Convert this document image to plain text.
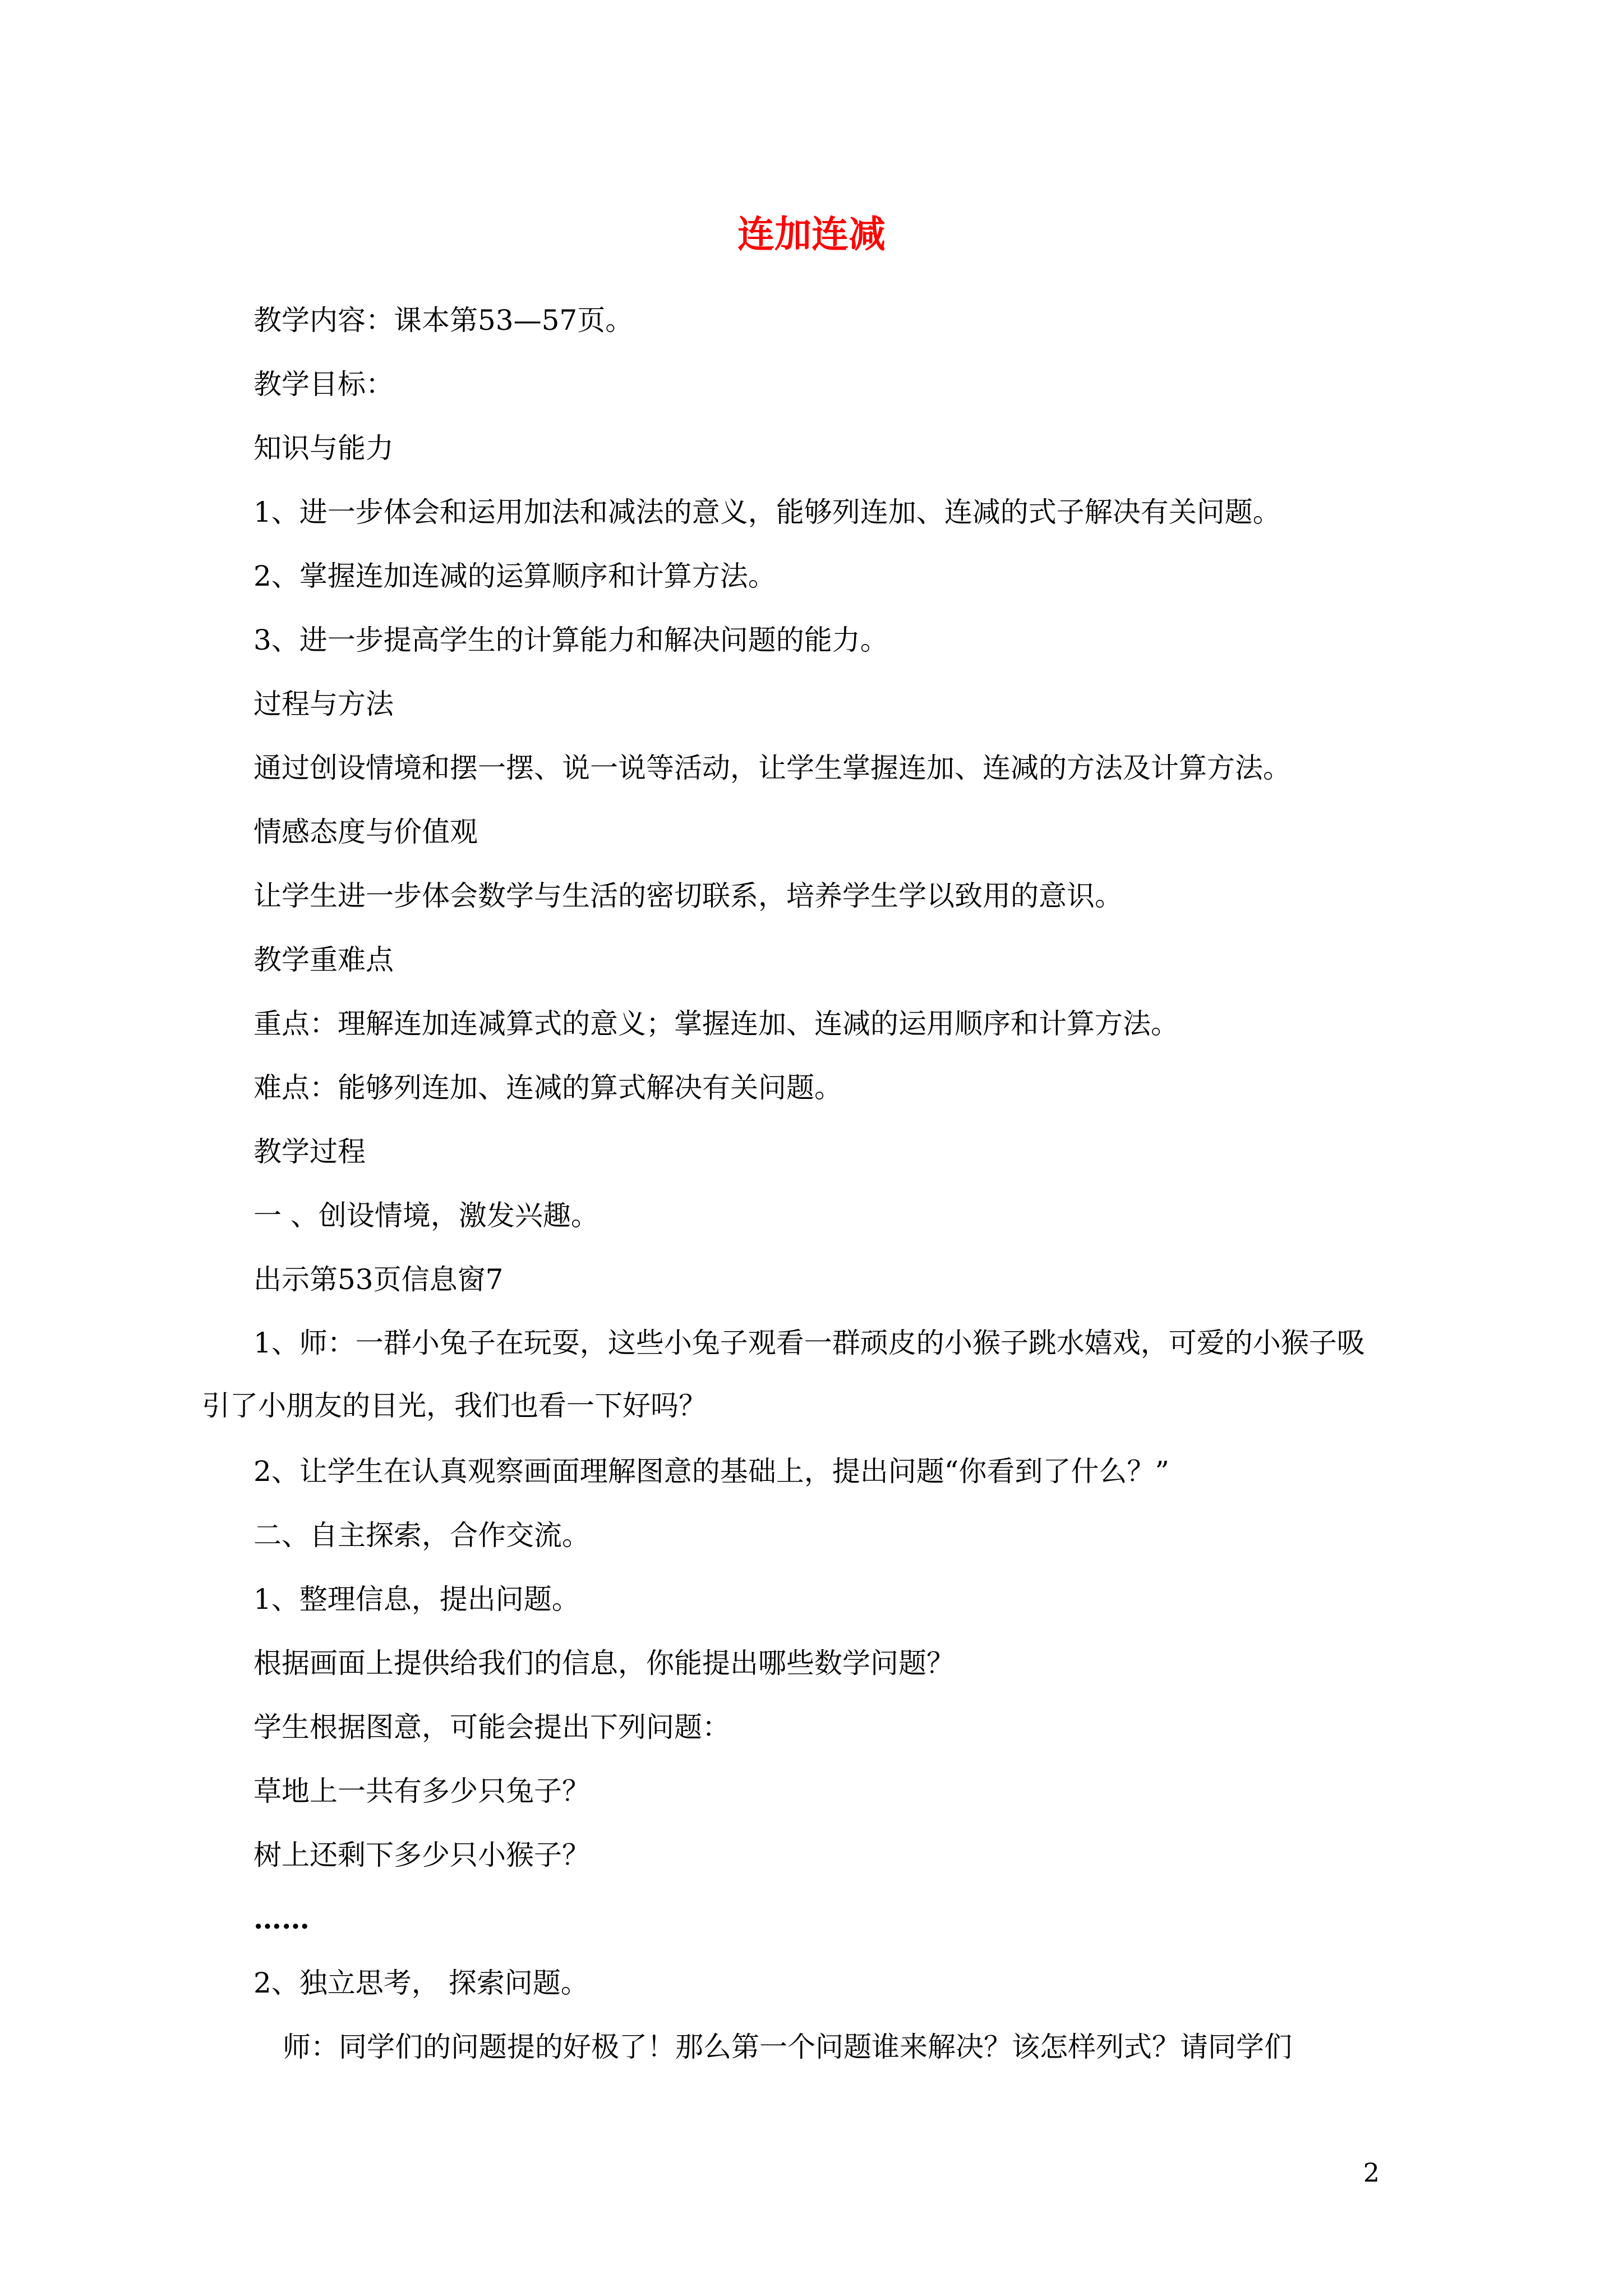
连加连减
教学内容：课本第53—57页。
教学目标：
知识与能力
1、进一步体会和运用加法和减法的意义，能够列连加、连减的式子解决有关问题。
2、掌握连加连减的运算顺序和计算方法。
3、进一步提高学生的计算能力和解决问题的能力。
过程与方法
通过创设情境和摆一摆、说一说等活动，让学生掌握连加、连减的方法及计算方法。
情感态度与价值观
让学生进一步体会数学与生活的密切联系，培养学生学以致用的意识。
教学重难点
重点：理解连加连减算式的意义；掌握连加、连减的运用顺序和计算方法。
难点：能够列连加、连减的算式解决有关问题。
教学过程
一 、创设情境，激发兴趣。
出示第53页信息窗7
1、师：一群小兔子在玩耍，这些小兔子观看一群顽皮的小猴子跳水嬉戏，可爱的小猴子吸引了小朋友的目光，我们也看一下好吗？
2、让学生在认真观察画面理解图意的基础上，提出问题“你看到了什么？”
二、自主探索，合作交流。
1、整理信息，提出问题。
根据画面上提供给我们的信息，你能提出哪些数学问题？
学生根据图意，可能会提出下列问题：
草地上一共有多少只兔子？
树上还剩下多少只小猴子？
……
2、独立思考， 探索问题。
师：同学们的问题提的好极了！那么第一个问题谁来解决？该怎样列式？请同学们
2
